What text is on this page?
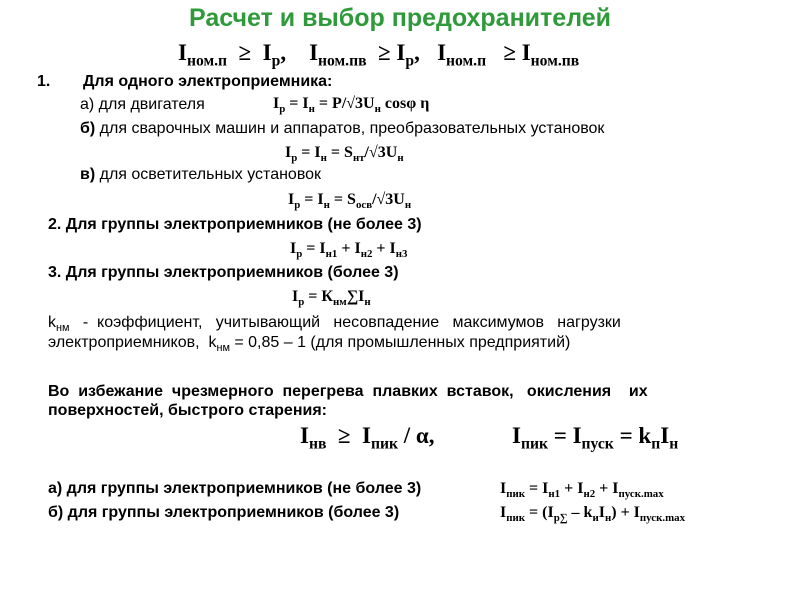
Расчет и выбор предохранителей
$I_{ном.п} \ge I_р$,    $I_{ном.пв} \ge I_р$,   $I_{ном.п} \ge I_{ном.пв}$
1. Для одного электроприемника:
а) для двигателя	$I_р = I_н = P/√3U_н$ cosφ η
б) для сварочных машин и аппаратов, преобразовательных установок
$I_р = I_н = S_{нт}/√3U_н$
в) для осветительных установок
$I_р = I_н = S_{осв}/√3U_н$
2. Для группы электроприемников (не более 3)
$I_р = I_{н1} + I_{н2} + I_{н3}$
3. Для группы электроприемников (более 3)
$I_р = К_{нм}\sum I_н$
$k_{нм}$   -  коэффициент,   учитывающий   несовпадение   максимумов   нагрузки
электроприемников,  $k_{нм} = 0,85 - 1$ (для промышленных предприятий)
Во  избежание  чрезмерного  перегрева  плавких  вставок,   окисления    их
поверхностей, быстрого старения:
$I_{нв} \ge I_{пик} / \alpha$,	$I_{пик} = I_{пуск} = k_пI_н$
а) для группы электроприемников (не более 3)	$I_{пик} = I_{н1} + I_{н2} + I_{пуск.max}$
б) для группы электроприемников (более 3)	$I_{пик} = (I_{р\sum} - k_иI_н) + I_{пуск.max}$
